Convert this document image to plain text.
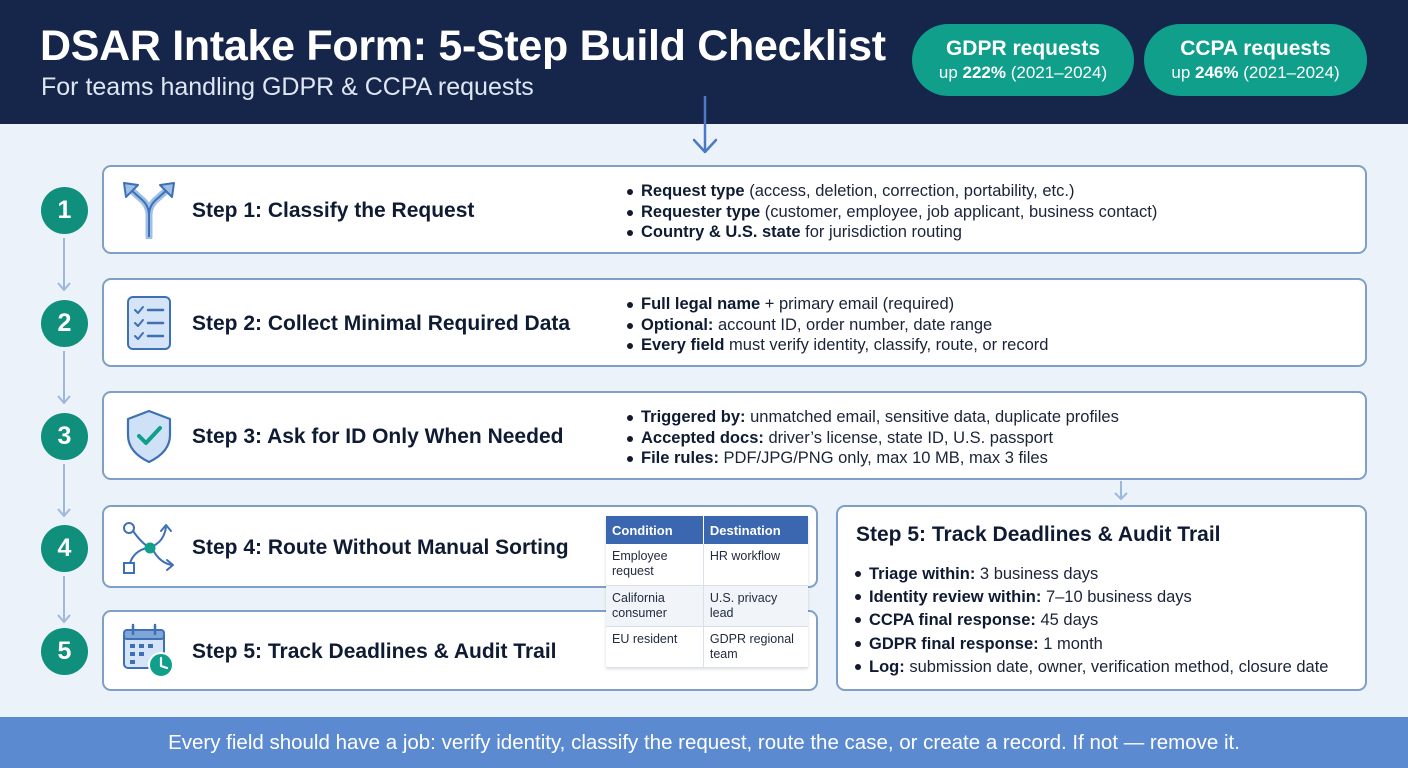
DSAR Intake Form: 5-Step Build Checklist

For teams handling GDPR & CCPA requests

GDPR requests
up 222% (2021–2024)
CCPA requests
up 246% (2021–2024)
1
2
3
4
5
Step 1: Classify the Request
Request type (access, deletion, correction, portability, etc.)
Requester type (customer, employee, job applicant, business contact)
Country & U.S. state for jurisdiction routing
Step 2: Collect Minimal Required Data
Full legal name + primary email (required)
Optional: account ID, order number, date range
Every field must verify identity, classify, route, or record
Step 3: Ask for ID Only When Needed
Triggered by: unmatched email, sensitive data, duplicate profiles
Accepted docs: driver’s license, state ID, U.S. passport
File rules: PDF/JPG/PNG only, max 10 MB, max 3 files
Step 4: Route Without Manual Sorting
Step 5: Track Deadlines & Audit Trail
Condition	Destination
Employee request	HR workflow
California consumer	U.S. privacy lead
EU resident	GDPR regional team
Step 5: Track Deadlines & Audit Trail
Triage within: 3 business days
Identity review within: 7–10 business days
CCPA final response: 45 days
GDPR final response: 1 month
Log: submission date, owner, verification method, closure date
Every field should have a job: verify identity, classify the request, route the case, or create a record. If not — remove it.
